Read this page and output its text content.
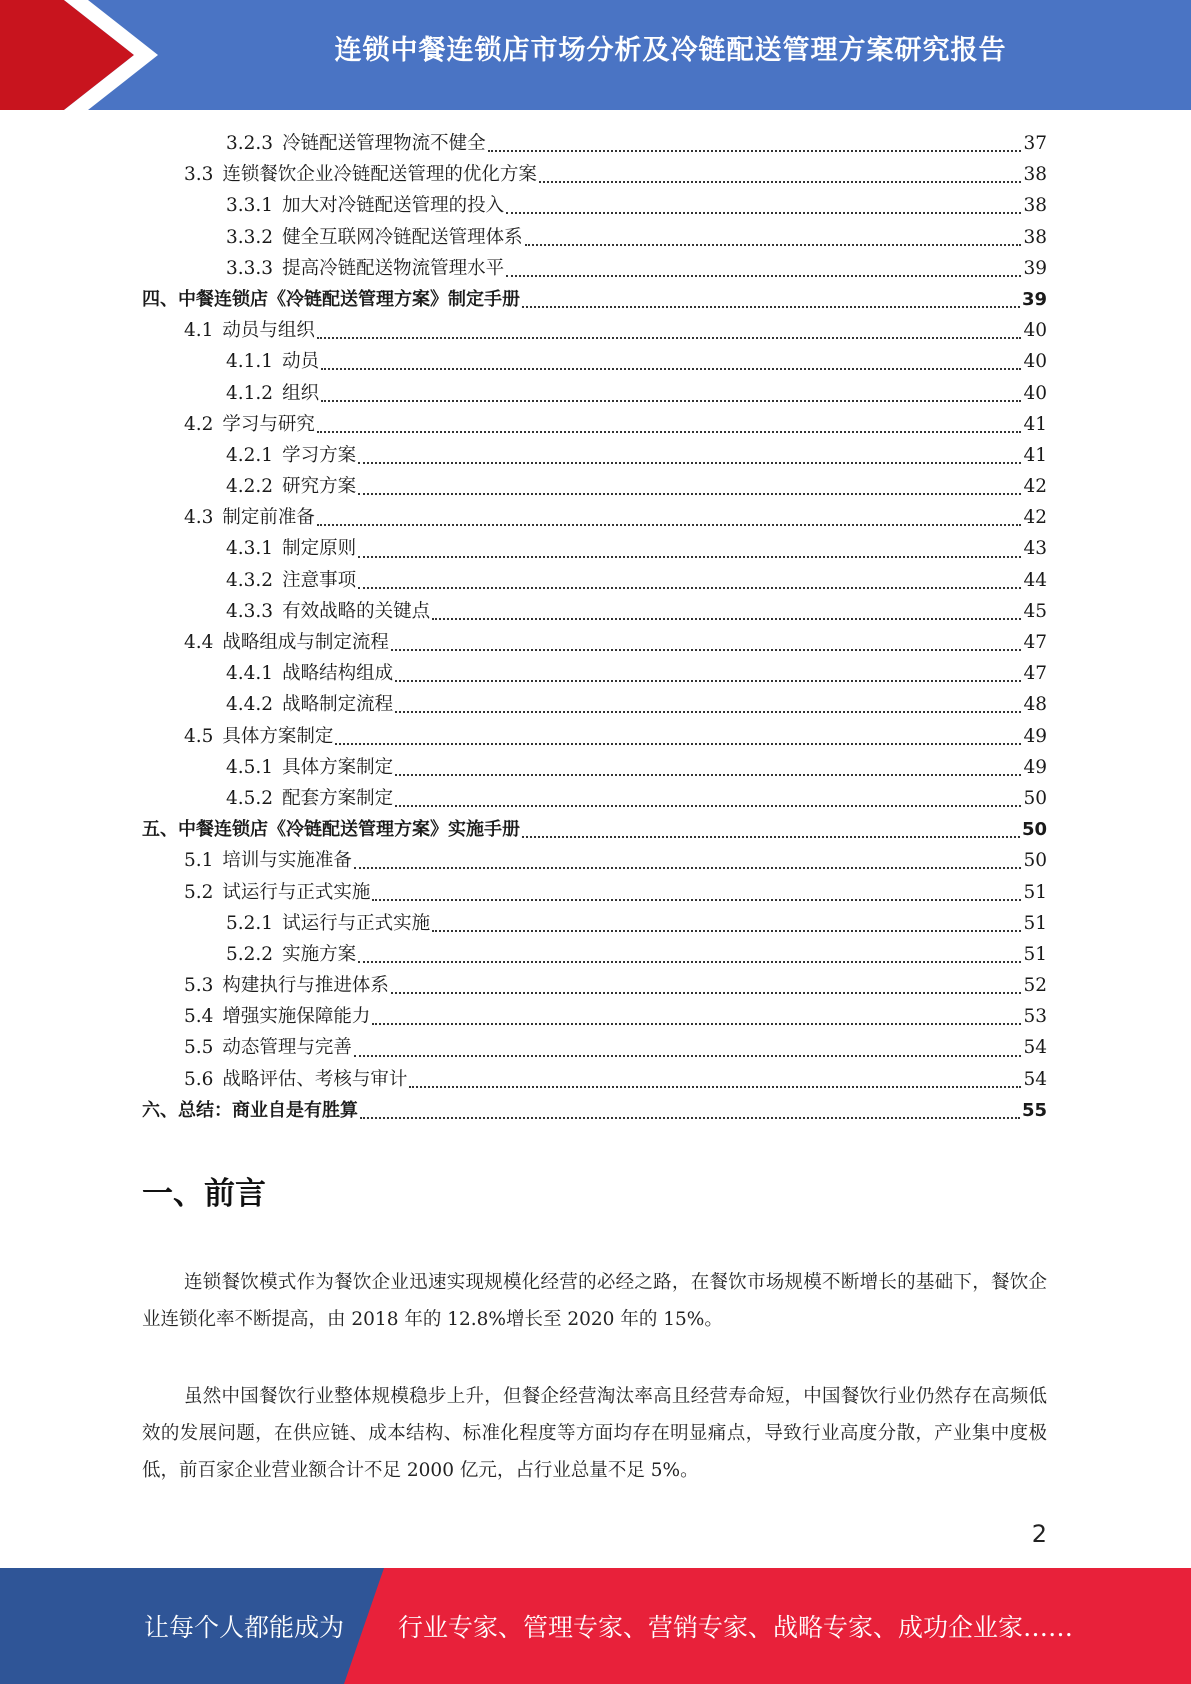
连锁中餐连锁店市场分析及冷链配送管理方案研究报告
3.2.3 冷链配送管理物流不健全	37
3.3 连锁餐饮企业冷链配送管理的优化方案	38
3.3.1 加大对冷链配送管理的投入	38
3.3.2 健全互联网冷链配送管理体系	38
3.3.3 提高冷链配送物流管理水平	39
四、中餐连锁店《冷链配送管理方案》制定手册	39
4.1 动员与组织	40
4.1.1 动员	40
4.1.2 组织	40
4.2 学习与研究	41
4.2.1 学习方案	41
4.2.2 研究方案	42
4.3 制定前准备	42
4.3.1 制定原则	43
4.3.2 注意事项	44
4.3.3 有效战略的关键点	45
4.4 战略组成与制定流程	47
4.4.1 战略结构组成	47
4.4.2 战略制定流程	48
4.5 具体方案制定	49
4.5.1 具体方案制定	49
4.5.2 配套方案制定	50
五、中餐连锁店《冷链配送管理方案》实施手册	50
5.1 培训与实施准备	50
5.2 试运行与正式实施	51
5.2.1 试运行与正式实施	51
5.2.2 实施方案	51
5.3 构建执行与推进体系	52
5.4 增强实施保障能力	53
5.5 动态管理与完善	54
5.6 战略评估、考核与审计	54
六、总结：商业自是有胜算	55
一、前言

连锁餐饮模式作为餐饮企业迅速实现规模化经营的必经之路，在餐饮市场规模不断增长的基础下，餐饮企业连锁化率不断提高，由 2018 年的 12.8%增长至 2020 年的 15%。

虽然中国餐饮行业整体规模稳步上升，但餐企经营淘汰率高且经营寿命短，中国餐饮行业仍然存在高频低效的发展问题，在供应链、成本结构、标准化程度等方面均存在明显痛点，导致行业高度分散，产业集中度极低，前百家企业营业额合计不足 2000 亿元，占行业总量不足 5%。

2
让每个人都能成为 行业专家、管理专家、营销专家、战略专家、成功企业家……
